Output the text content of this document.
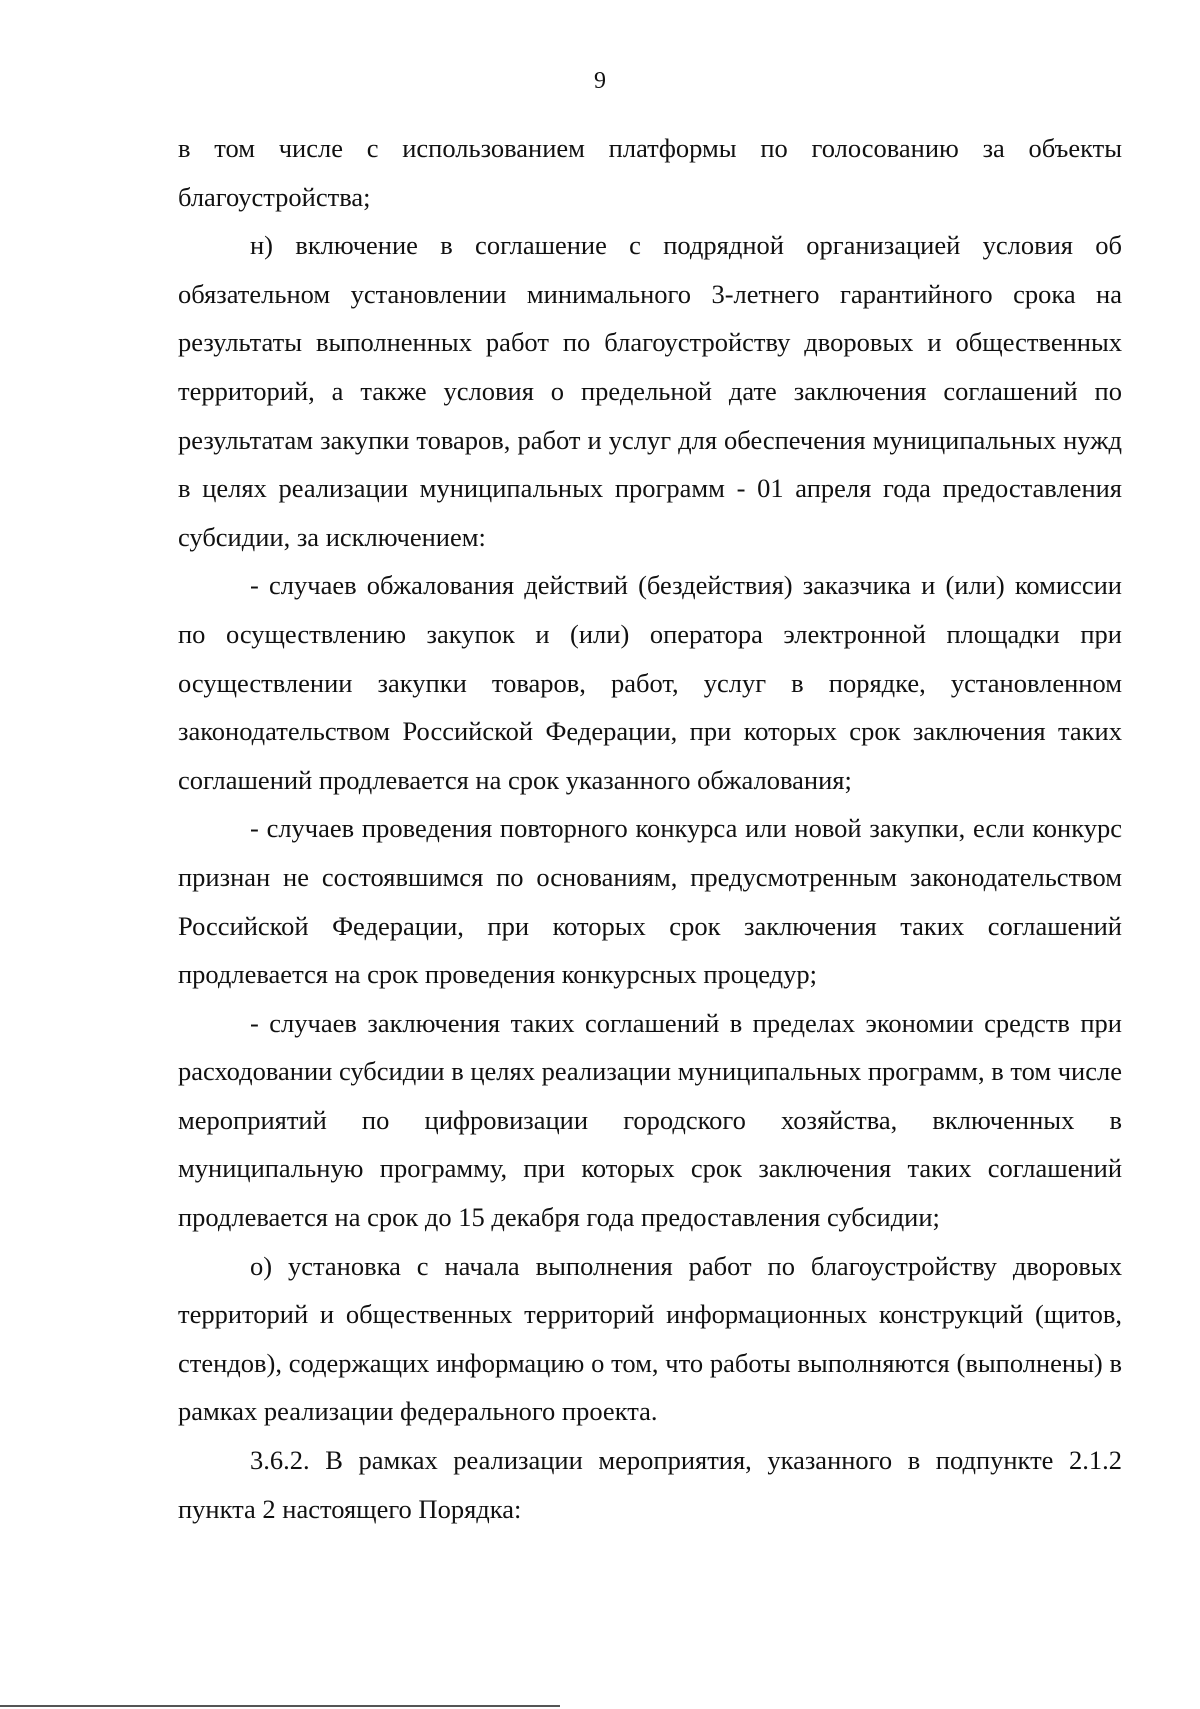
9

в том числе с использованием платформы по голосованию за объекты благоустройства;

н) включение в соглашение с подрядной организацией условия об обязательном установлении минимального 3-летнего гарантийного срока на результаты выполненных работ по благоустройству дворовых и общественных территорий, а также условия о предельной дате заключения соглашений по результатам закупки товаров, работ и услуг для обеспечения муниципальных нужд в целях реализации муниципальных программ - 01 апреля года предоставления субсидии, за исключением:

- случаев обжалования действий (бездействия) заказчика и (или) комиссии по осуществлению закупок и (или) оператора электронной площадки при осуществлении закупки товаров, работ, услуг в порядке, установленном законодательством Российской Федерации, при которых срок заключения таких соглашений продлевается на срок указанного обжалования;

- случаев проведения повторного конкурса или новой закупки, если конкурс признан не состоявшимся по основаниям, предусмотренным законодательством Российской Федерации, при которых срок заключения таких соглашений продлевается на срок проведения конкурсных процедур;

- случаев заключения таких соглашений в пределах экономии средств при расходовании субсидии в целях реализации муниципальных программ, в том числе мероприятий по цифровизации городского хозяйства, включенных в муниципальную программу, при которых срок заключения таких соглашений продлевается на срок до 15 декабря года предоставления субсидии;

о) установка с начала выполнения работ по благоустройству дворовых территорий и общественных территорий информационных конструкций (щитов, стендов), содержащих информацию о том, что работы выполняются (выполнены) в рамках реализации федерального проекта.

3.6.2. В рамках реализации мероприятия, указанного в подпункте 2.1.2 пункта 2 настоящего Порядка:
